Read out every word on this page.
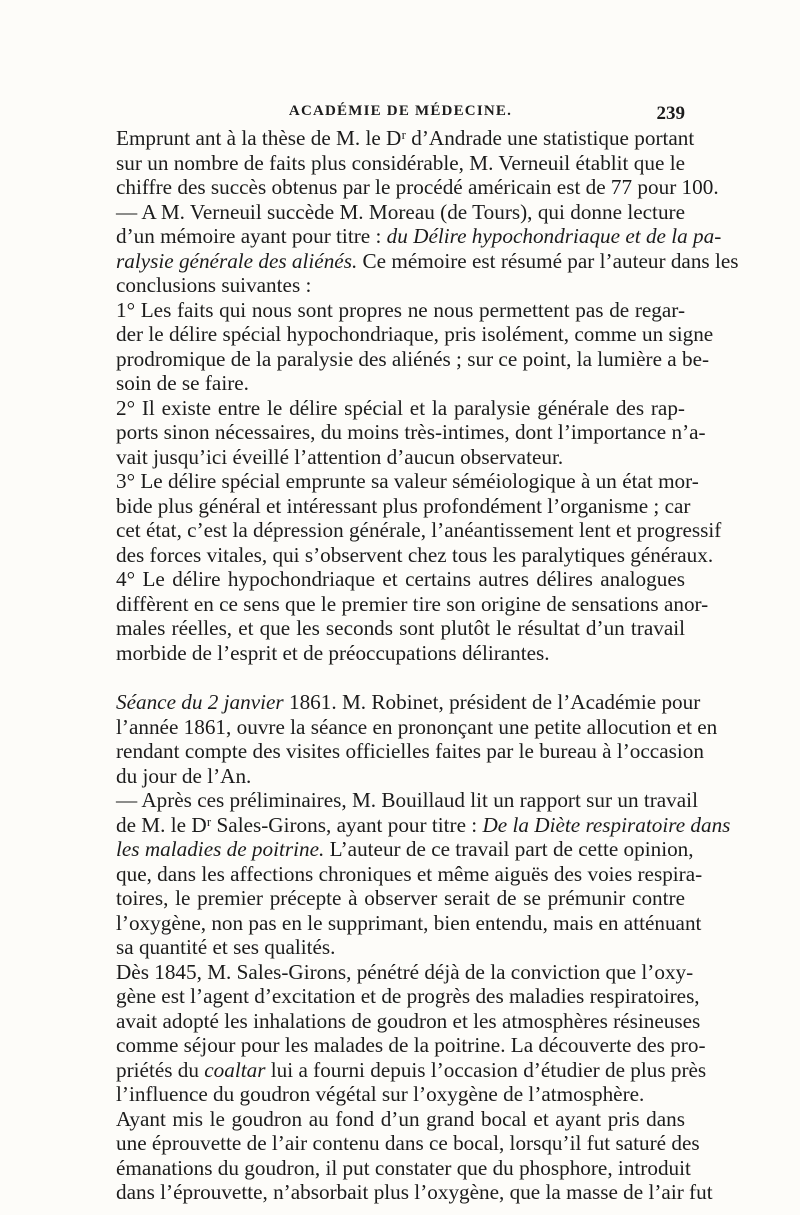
ACADÉMIE DE MÉDECINE.	239
Emprunt ant à la thèse de M. le Dʳ d’Andrade une statistique portant
sur un nombre de faits plus considérable, M. Verneuil établit que le
chiffre des succès obtenus par le procédé américain est de 77 pour 100.
— A M. Verneuil succède M. Moreau (de Tours), qui donne lecture
d’un mémoire ayant pour titre : du Délire hypochondriaque et de la pa-
ralysie générale des aliénés. Ce mémoire est résumé par l’auteur dans les
conclusions suivantes :
1° Les faits qui nous sont propres ne nous permettent pas de regar-
der le délire spécial hypochondriaque, pris isolément, comme un signe
prodromique de la paralysie des aliénés ; sur ce point, la lumière a be-
soin de se faire.
2° Il existe entre le délire spécial et la paralysie générale des rap-
ports sinon nécessaires, du moins très-intimes, dont l’importance n’a-
vait jusqu’ici éveillé l’attention d’aucun observateur.
3° Le délire spécial emprunte sa valeur séméiologique à un état mor-
bide plus général et intéressant plus profondément l’organisme ; car
cet état, c’est la dépression générale, l’anéantissement lent et progressif
des forces vitales, qui s’observent chez tous les paralytiques généraux.
4° Le délire hypochondriaque et certains autres délires analogues
diffèrent en ce sens que le premier tire son origine de sensations anor-
males réelles, et que les seconds sont plutôt le résultat d’un travail
morbide de l’esprit et de préoccupations délirantes.
Séance du 2 janvier 1861. M. Robinet, président de l’Académie pour
l’année 1861, ouvre la séance en prononçant une petite allocution et en
rendant compte des visites officielles faites par le bureau à l’occasion
du jour de l’An.
— Après ces préliminaires, M. Bouillaud lit un rapport sur un travail
de M. le Dʳ Sales-Girons, ayant pour titre : De la Diète respiratoire dans
les maladies de poitrine. L’auteur de ce travail part de cette opinion,
que, dans les affections chroniques et même aiguës des voies respira-
toires, le premier précepte à observer serait de se prémunir contre
l’oxygène, non pas en le supprimant, bien entendu, mais en atténuant
sa quantité et ses qualités.
Dès 1845, M. Sales-Girons, pénétré déjà de la conviction que l’oxy-
gène est l’agent d’excitation et de progrès des maladies respiratoires,
avait adopté les inhalations de goudron et les atmosphères résineuses
comme séjour pour les malades de la poitrine. La découverte des pro-
priétés du coaltar lui a fourni depuis l’occasion d’étudier de plus près
l’influence du goudron végétal sur l’oxygène de l’atmosphère.
Ayant mis le goudron au fond d’un grand bocal et ayant pris dans
une éprouvette de l’air contenu dans ce bocal, lorsqu’il fut saturé des
émanations du goudron, il put constater que du phosphore, introduit
dans l’éprouvette, n’absorbait plus l’oxygène, que la masse de l’air fut
